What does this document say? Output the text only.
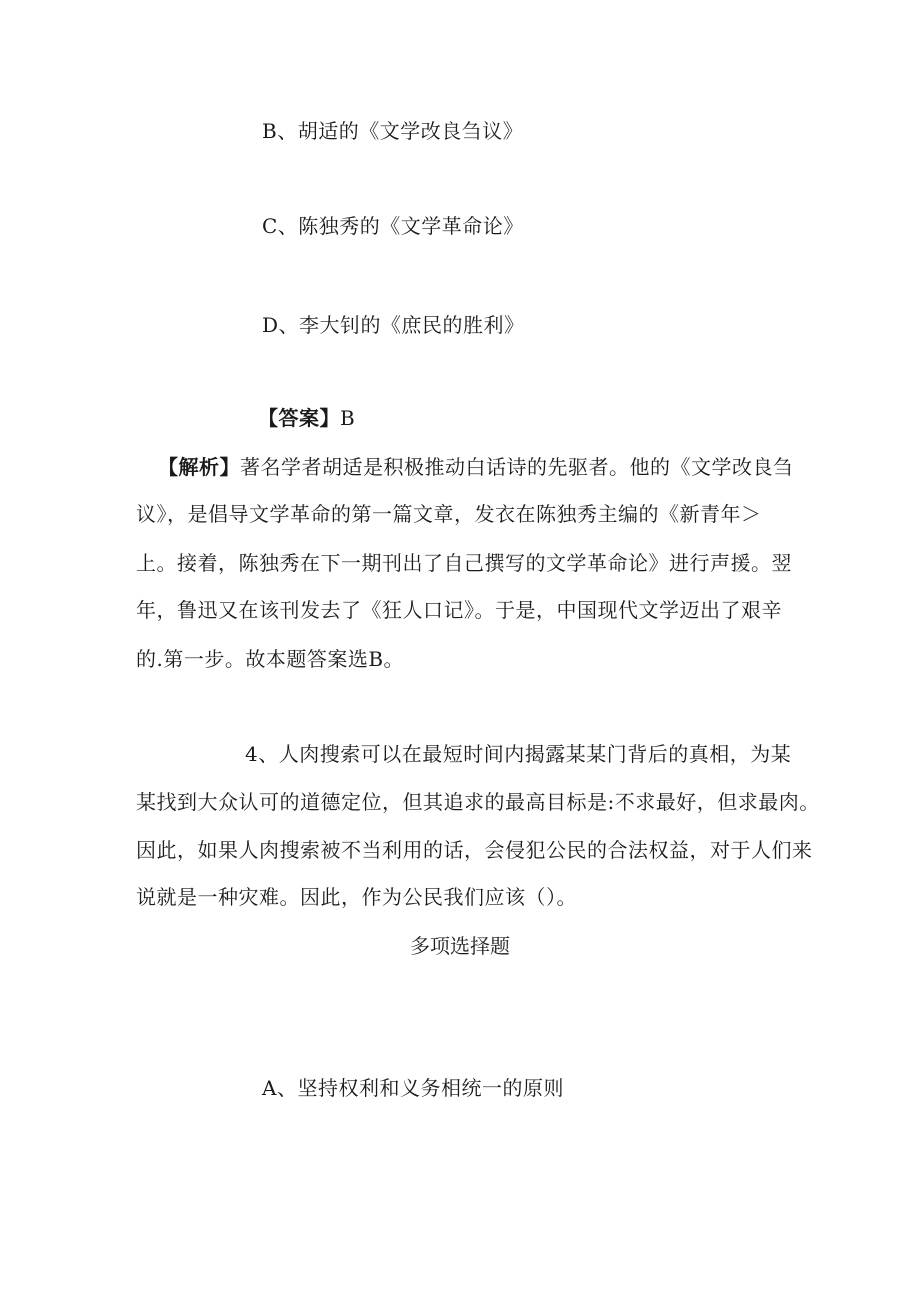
B、胡适的《文学改良刍议》
C、陈独秀的《文学革命论》
D、李大钊的《庶民的胜利》
【答案】B
【解析】著名学者胡适是积极推动白话诗的先驱者。他的《文学改良刍
议》，是倡导文学革命的第一篇文章，发衣在陈独秀主编的《新青年＞
上。接着，陈独秀在下一期刊出了自己撰写的文学革命论》进行声援。翌
年，鲁迅又在该刊发去了《狂人口记》。于是，中国现代文学迈出了艰辛
的.第一步。故本题答案选B。
4、人肉搜索可以在最短时间内揭露某某门背后的真相，为某
某找到大众认可的道德定位，但其追求的最高目标是:不求最好，但求最肉。
因此，如果人肉搜索被不当利用的话，会侵犯公民的合法权益，对于人们来
说就是一种灾难。因此，作为公民我们应该（）。
多项选择题
A、坚持权利和义务相统一的原则
